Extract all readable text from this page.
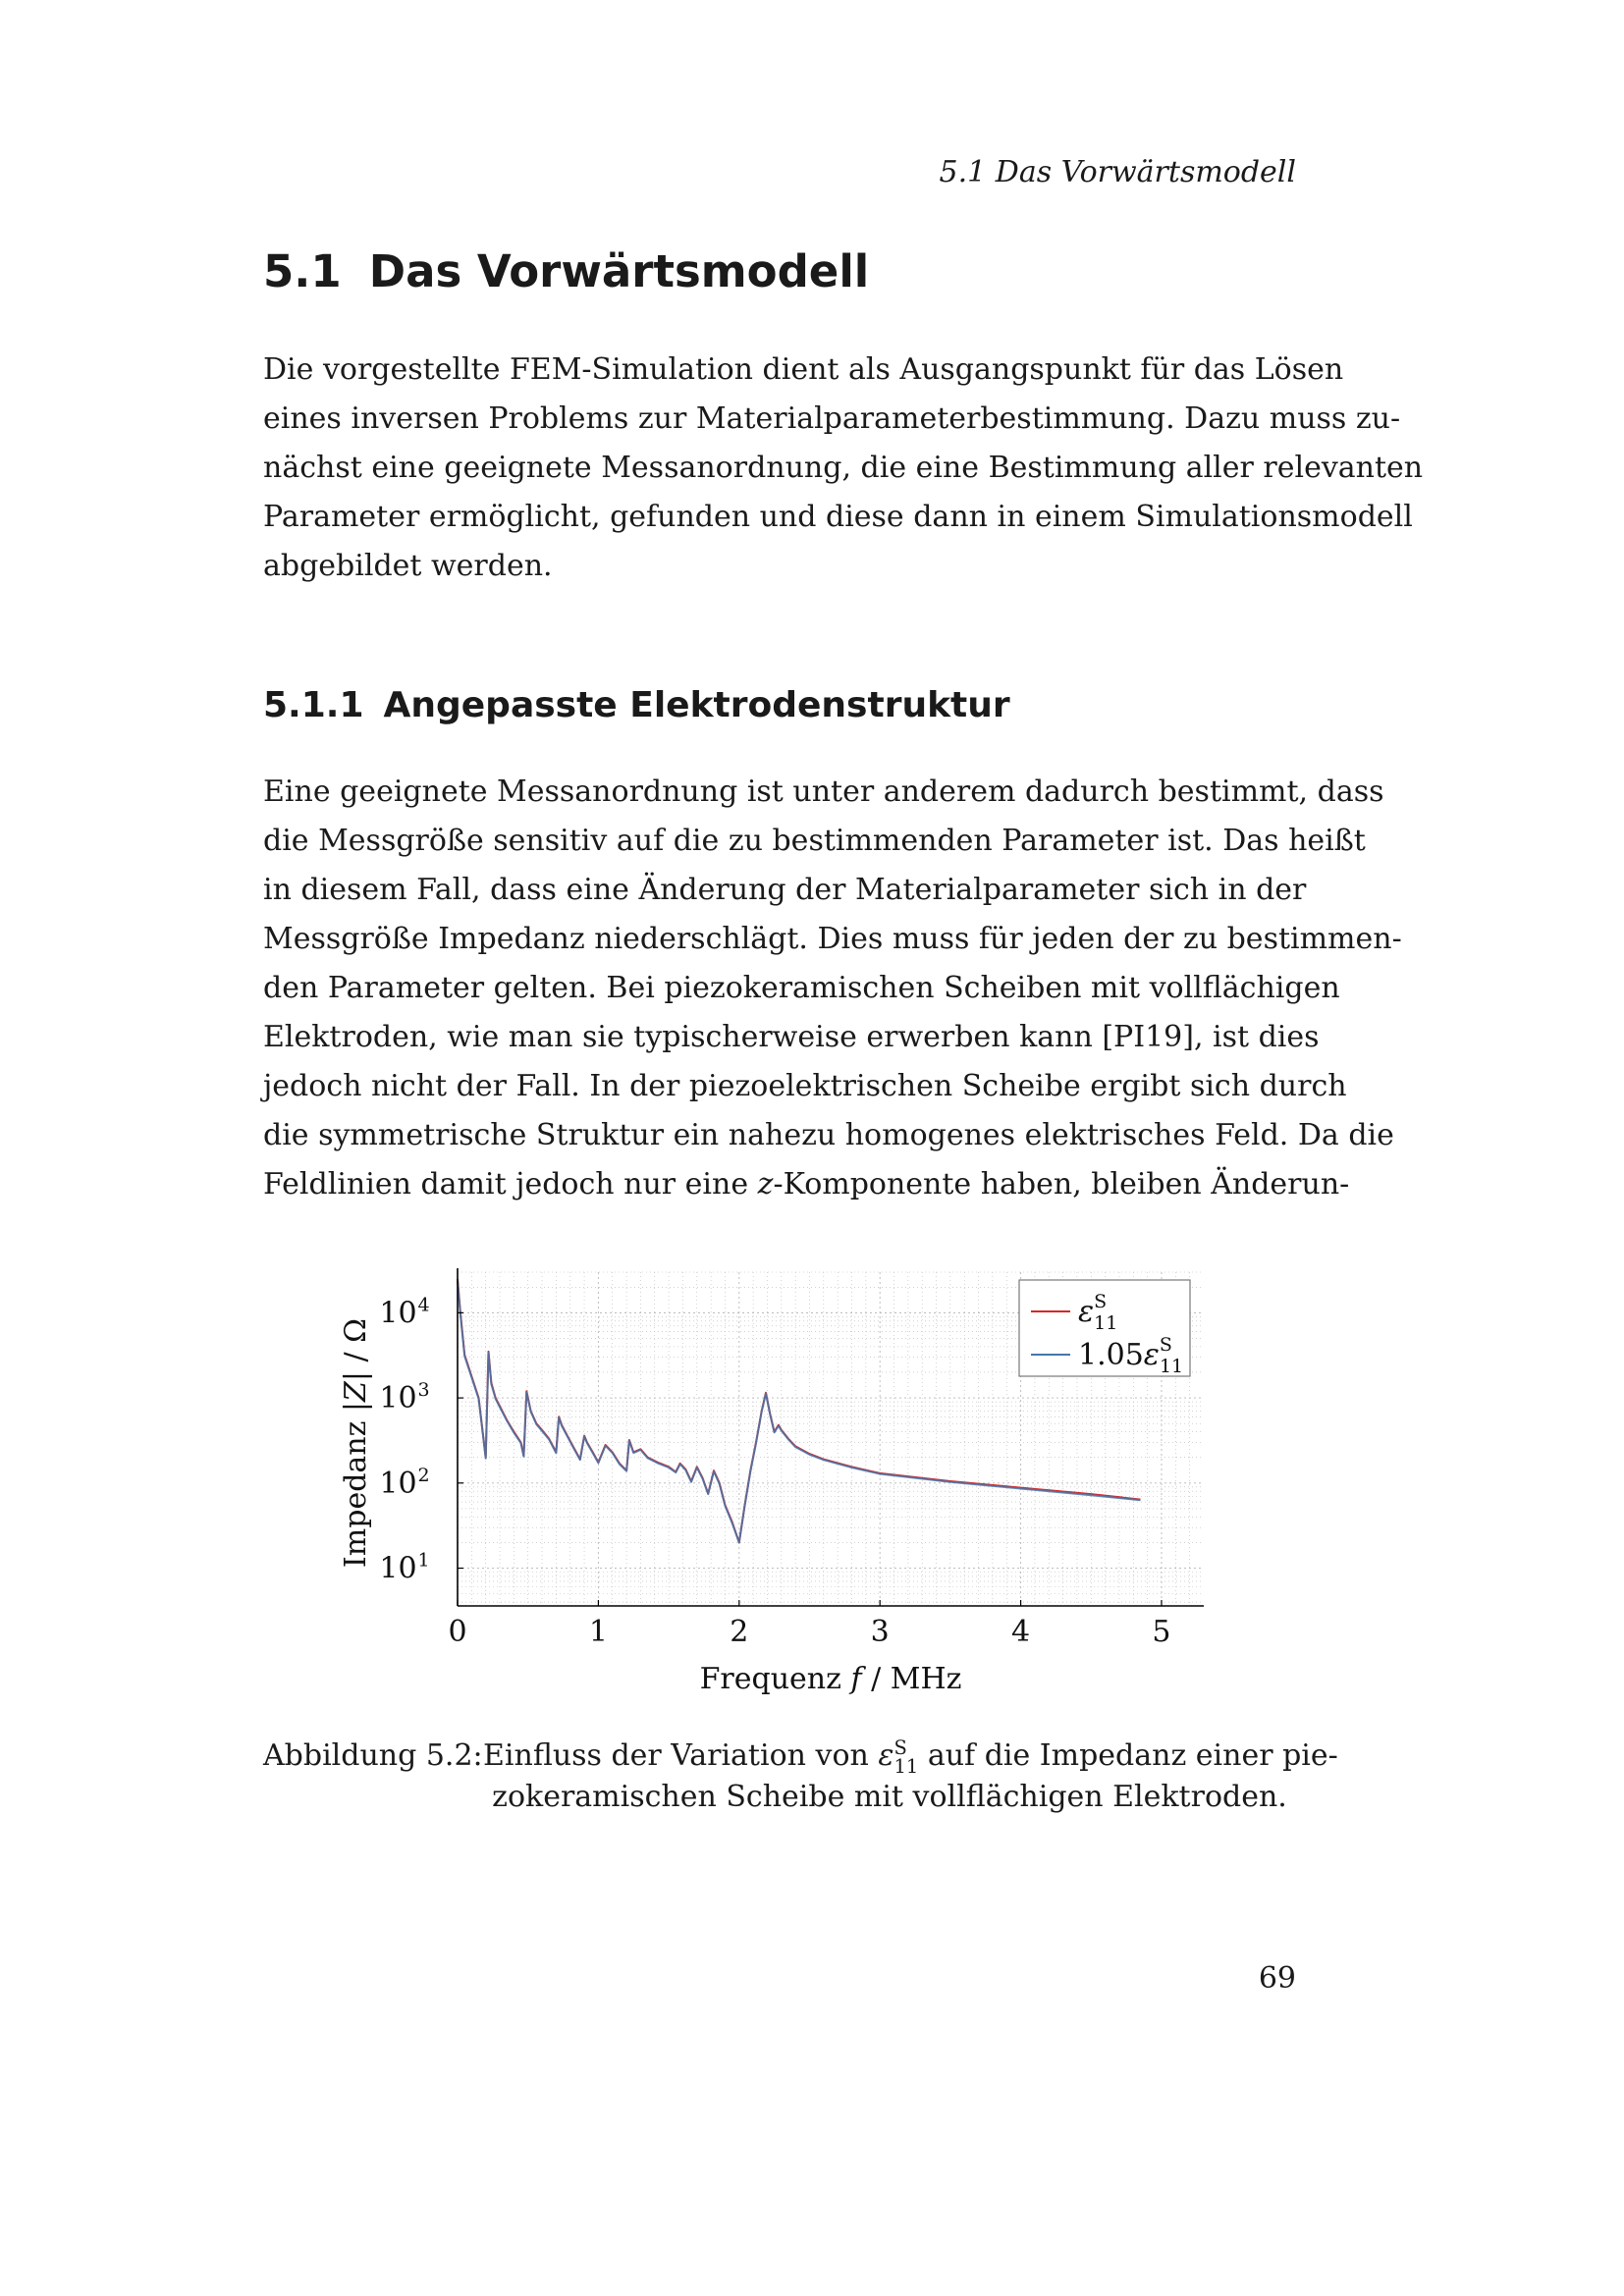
5.1 Das Vorwärtsmodell
5.1 Das Vorwärtsmodell
Die vorgestellte FEM-Simulation dient als Ausgangspunkt für das Lösen
eines inversen Problems zur Materialparameterbestimmung. Dazu muss zu-
nächst eine geeignete Messanordnung, die eine Bestimmung aller relevanten
Parameter ermöglicht, gefunden und diese dann in einem Simulationsmodell
abgebildet werden.
5.1.1 Angepasste Elektrodenstruktur
Eine geeignete Messanordnung ist unter anderem dadurch bestimmt, dass
die Messgröße sensitiv auf die zu bestimmenden Parameter ist. Das heißt
in diesem Fall, dass eine Änderung der Materialparameter sich in der
Messgröße Impedanz niederschlägt. Dies muss für jeden der zu bestimmen-
den Parameter gelten. Bei piezokeramischen Scheiben mit vollflächigen
Elektroden, wie man sie typischerweise erwerben kann [PI19], ist dies
jedoch nicht der Fall. In der piezoelektrischen Scheibe ergibt sich durch
die symmetrische Struktur ein nahezu homogenes elektrisches Feld. Da die
Feldlinien damit jedoch nur eine z-Komponente haben, bleiben Änderun-
0	1	2	3	4	5
$10^1$
$10^2$
$10^3$
$10^4$
Frequenz f / MHz
Impedanz |Z| / Ω
$\varepsilon^S$ 11
$1.05\varepsilon^S$ 11
Abbildung 5.2: Einfluss der Variation von ε S
11 auf die Impedanz einer pie-
zokeramischen Scheibe mit vollflächigen Elektroden.
69
